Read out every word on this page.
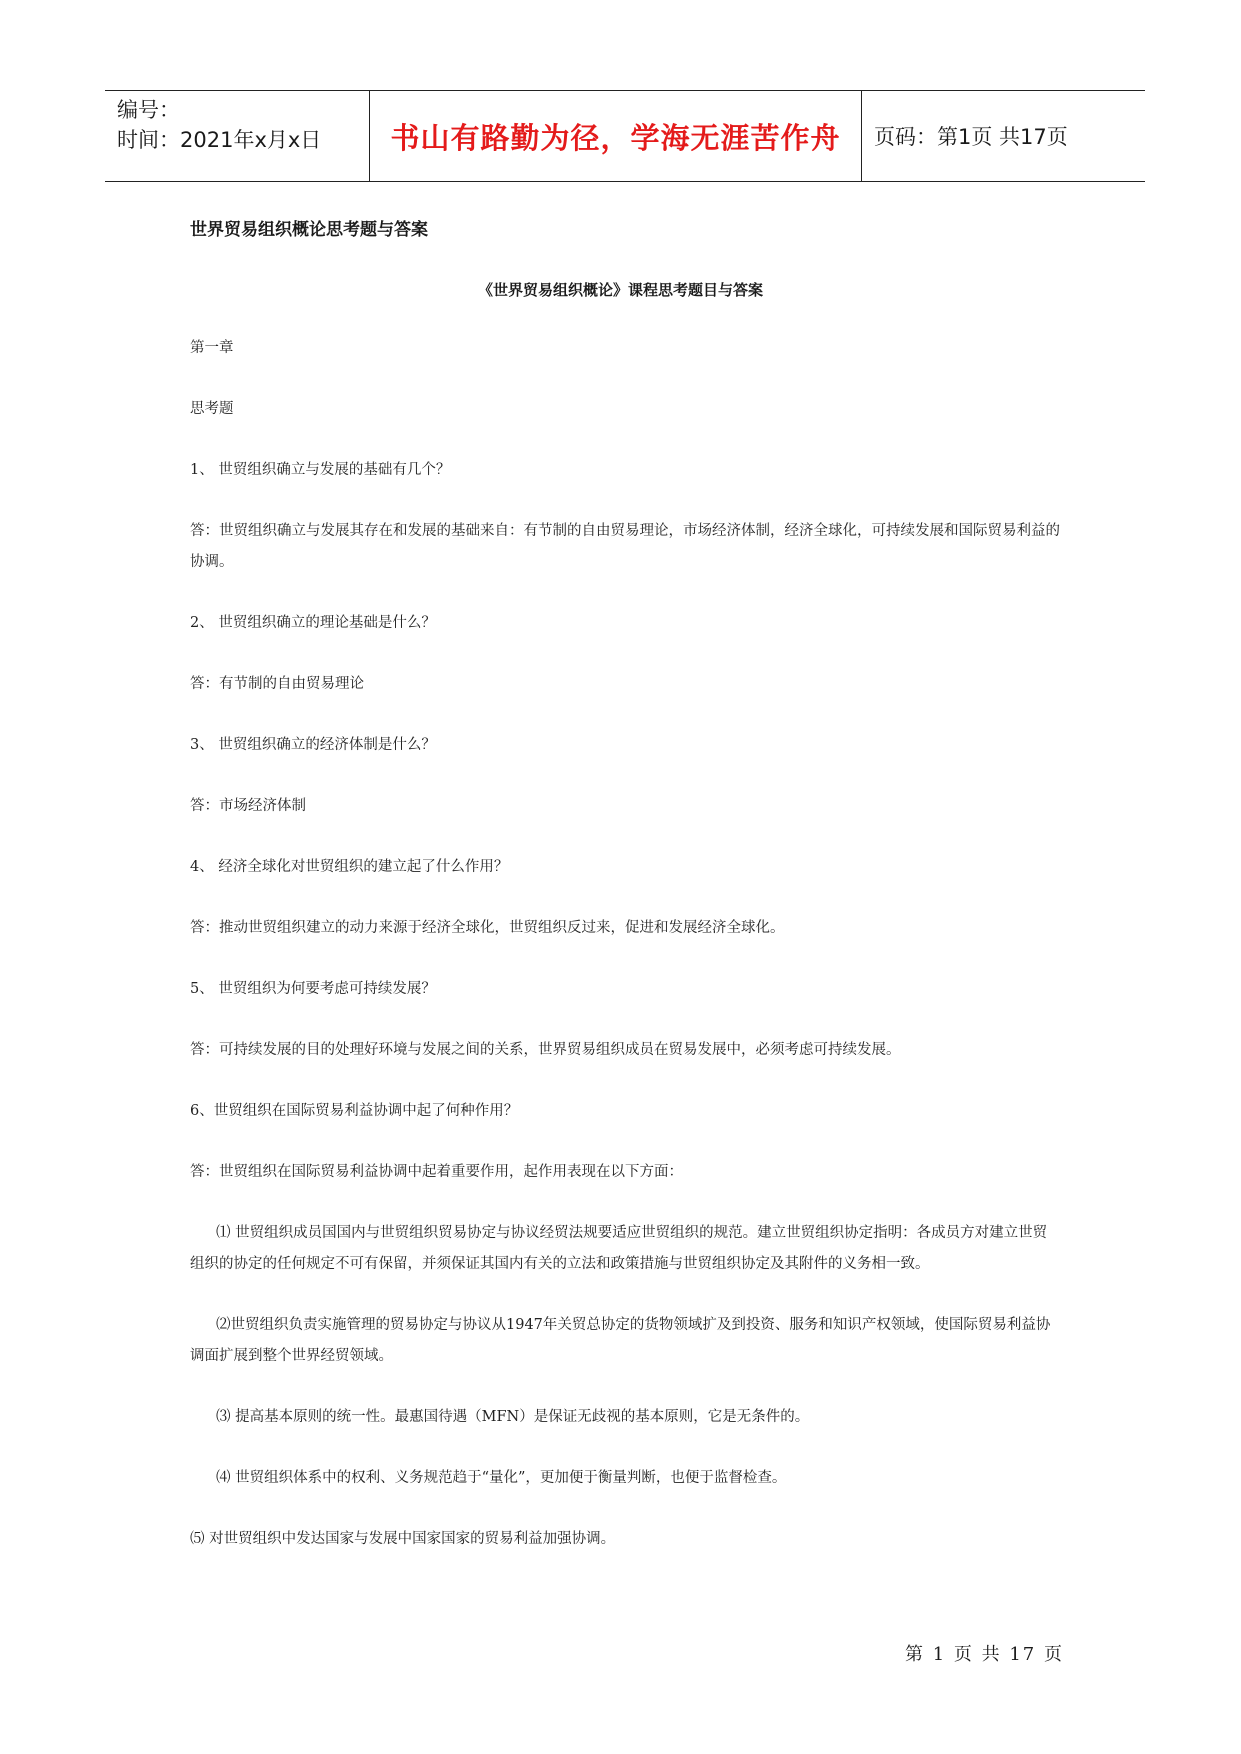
编号：
时间：2021年x月x日	书山有路勤为径，学海无涯苦作舟 页码：第1页 共17页
世界贸易组织概论思考题与答案
《世界贸易组织概论》课程思考题目与答案
第一章
思考题
1、 世贸组织确立与发展的基础有几个？
答：世贸组织确立与发展其存在和发展的基础来自：有节制的自由贸易理论，市场经济体制，经济全球化，可持续发展和国际贸易利益的协调。
2、 世贸组织确立的理论基础是什么？
答：有节制的自由贸易理论
3、 世贸组织确立的经济体制是什么？
答：市场经济体制
4、 经济全球化对世贸组织的建立起了什么作用？
答：推动世贸组织建立的动力来源于经济全球化，世贸组织反过来，促进和发展经济全球化。
5、 世贸组织为何要考虑可持续发展？
答：可持续发展的目的处理好环境与发展之间的关系，世界贸易组织成员在贸易发展中，必须考虑可持续发展。
6、世贸组织在国际贸易利益协调中起了何种作用？
答：世贸组织在国际贸易利益协调中起着重要作用，起作用表现在以下方面：
⑴ 世贸组织成员国国内与世贸组织贸易协定与协议经贸法规要适应世贸组织的规范。建立世贸组织协定指明：各成员方对建立世贸组织的协定的任何规定不可有保留，并须保证其国内有关的立法和政策措施与世贸组织协定及其附件的义务相一致。
⑵世贸组织负责实施管理的贸易协定与协议从1947年关贸总协定的货物领域扩及到投资、服务和知识产权领域，使国际贸易利益协调面扩展到整个世界经贸领域。
⑶ 提高基本原则的统一性。最惠国待遇（MFN）是保证无歧视的基本原则，它是无条件的。
⑷ 世贸组织体系中的权利、义务规范趋于“量化”，更加便于衡量判断，也便于监督检查。
⑸ 对世贸组织中发达国家与发展中国家国家的贸易利益加强协调。
第 1 页 共 17 页
